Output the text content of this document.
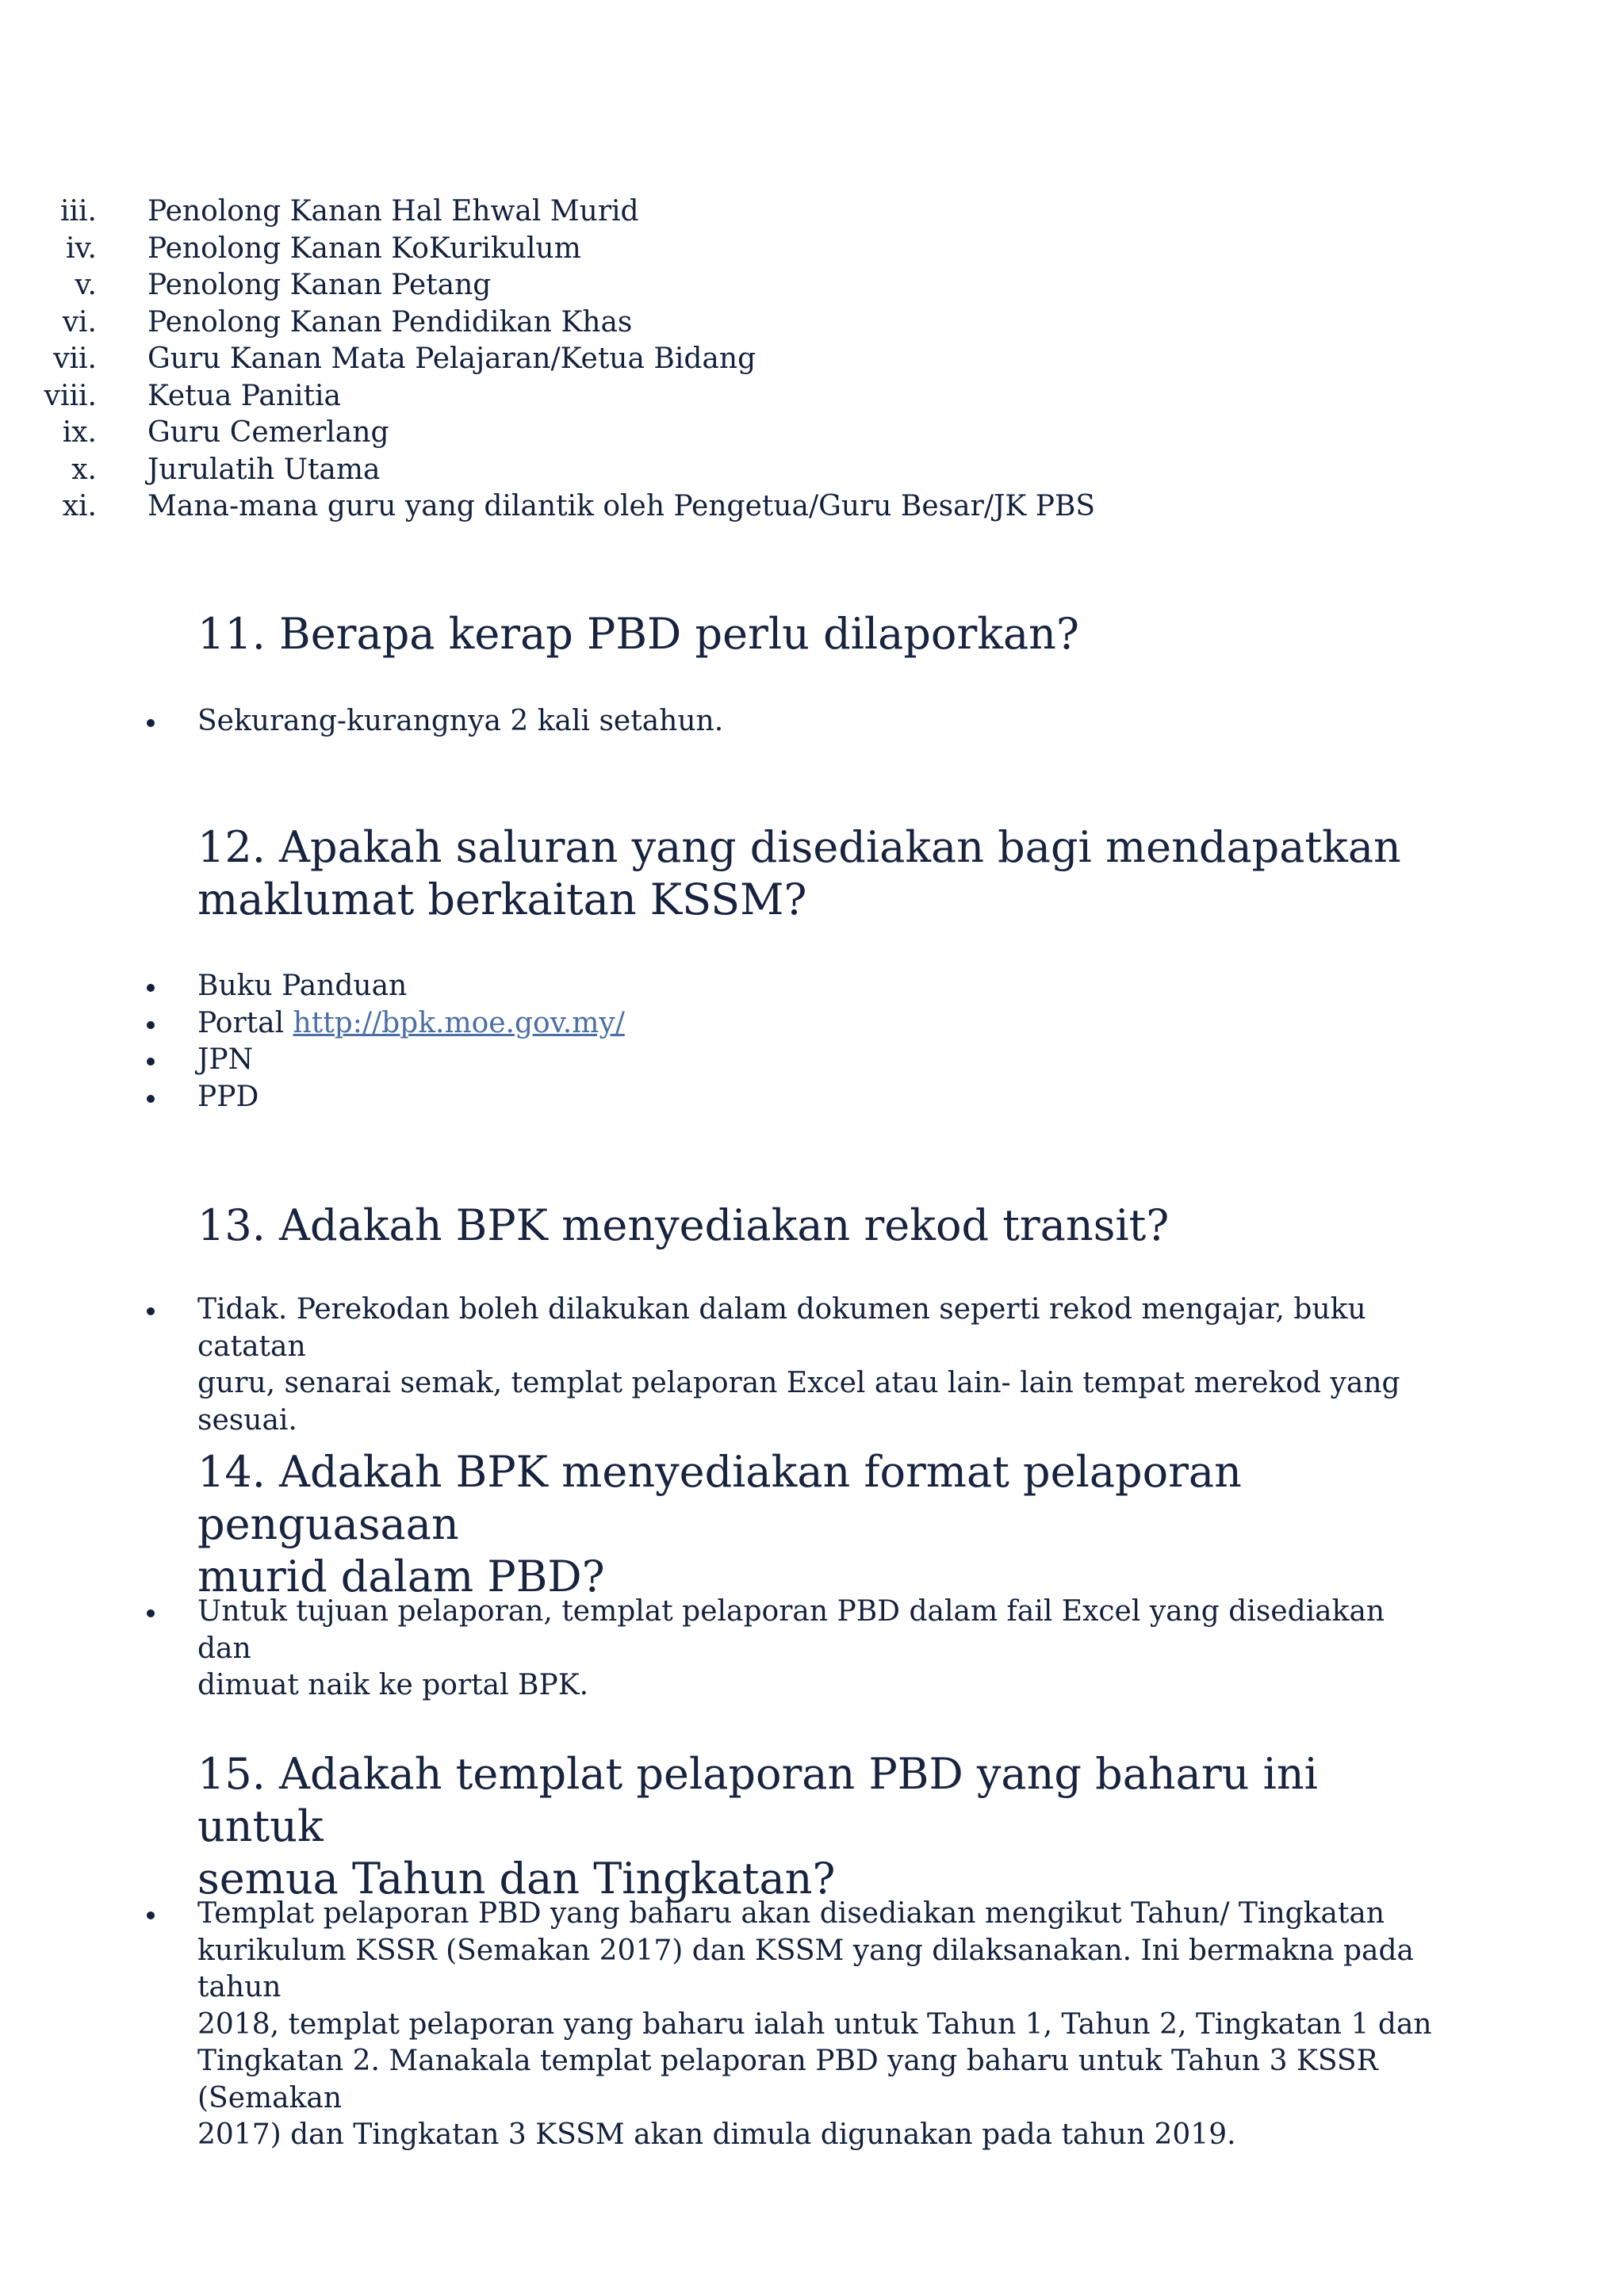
iii.	Penolong Kanan Hal Ehwal Murid
iv.	Penolong Kanan KoKurikulum
v.	Penolong Kanan Petang
vi.	Penolong Kanan Pendidikan Khas
vii.	Guru Kanan Mata Pelajaran/Ketua Bidang
viii.	Ketua Panitia
ix.	Guru Cemerlang
x.	Jurulatih Utama
xi.	Mana-mana guru yang dilantik oleh Pengetua/Guru Besar/JK PBS
11. Berapa kerap PBD perlu dilaporkan?
Sekurang-kurangnya 2 kali setahun.
12. Apakah saluran yang disediakan bagi mendapatkan
maklumat berkaitan KSSM?
Buku Panduan
Portal http://bpk.moe.gov.my/
JPN
PPD
13. Adakah BPK menyediakan rekod transit?
Tidak. Perekodan boleh dilakukan dalam dokumen seperti rekod mengajar, buku catatan
guru, senarai semak, templat pelaporan Excel atau lain- lain tempat merekod yang sesuai.
14. Adakah BPK menyediakan format pelaporan penguasaan
murid dalam PBD?
Untuk tujuan pelaporan, templat pelaporan PBD dalam fail Excel yang disediakan dan
dimuat naik ke portal BPK.
15. Adakah templat pelaporan PBD yang baharu ini untuk
semua Tahun dan Tingkatan?
Templat pelaporan PBD yang baharu akan disediakan mengikut Tahun/ Tingkatan
kurikulum KSSR (Semakan 2017) dan KSSM yang dilaksanakan. Ini bermakna pada tahun
2018, templat pelaporan yang baharu ialah untuk Tahun 1, Tahun 2, Tingkatan 1 dan
Tingkatan 2. Manakala templat pelaporan PBD yang baharu untuk Tahun 3 KSSR (Semakan
2017) dan Tingkatan 3 KSSM akan dimula digunakan pada tahun 2019.
